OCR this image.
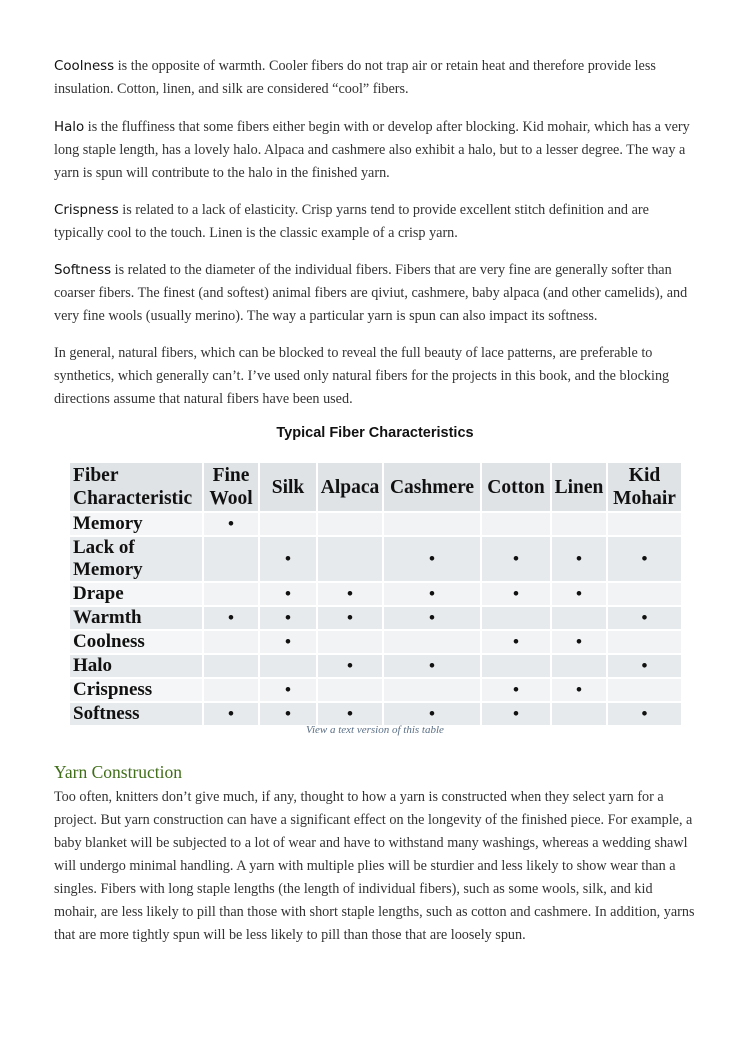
Coolness is the opposite of warmth. Cooler fibers do not trap air or retain heat and therefore provide less insulation. Cotton, linen, and silk are considered “cool” fibers.

Halo is the fluffiness that some fibers either begin with or develop after blocking. Kid mohair, which has a very long staple length, has a lovely halo. Alpaca and cashmere also exhibit a halo, but to a lesser degree. The way a yarn is spun will contribute to the halo in the finished yarn.

Crispness is related to a lack of elasticity. Crisp yarns tend to provide excellent stitch definition and are typically cool to the touch. Linen is the classic example of a crisp yarn.

Softness is related to the diameter of the individual fibers. Fibers that are very fine are generally softer than coarser fibers. The finest (and softest) animal fibers are qiviut, cashmere, baby alpaca (and other camelids), and very fine wools (usually merino). The way a particular yarn is spun can also impact its softness.

In general, natural fibers, which can be blocked to reveal the full beauty of lace patterns, are preferable to synthetics, which generally can’t. I’ve used only natural fibers for the projects in this book, and the blocking directions assume that natural fibers have been used.

Typical Fiber Characteristics

Fiber Characteristic	Fine Wool	Silk	Alpaca	Cashmere	Cotton	Linen	Kid Mohair
Memory	•						
Lack of Memory		•		•	•	•	•
Drape		•	•	•	•	•	
Warmth	•	•	•	•			•
Coolness		•			•	•	
Halo			•	•			•
Crispness		•			•	•	
Softness	•	•	•	•	•		•

View a text version of this table

Yarn Construction

Too often, knitters don’t give much, if any, thought to how a yarn is constructed when they select yarn for a project. But yarn construction can have a significant effect on the longevity of the finished piece. For example, a baby blanket will be subjected to a lot of wear and have to withstand many washings, whereas a wedding shawl will undergo minimal handling. A yarn with multiple plies will be sturdier and less likely to show wear than a singles. Fibers with long staple lengths (the length of individual fibers), such as some wools, silk, and kid mohair, are less likely to pill than those with short staple lengths, such as cotton and cashmere. In addition, yarns that are more tightly spun will be less likely to pill than those that are loosely spun.
